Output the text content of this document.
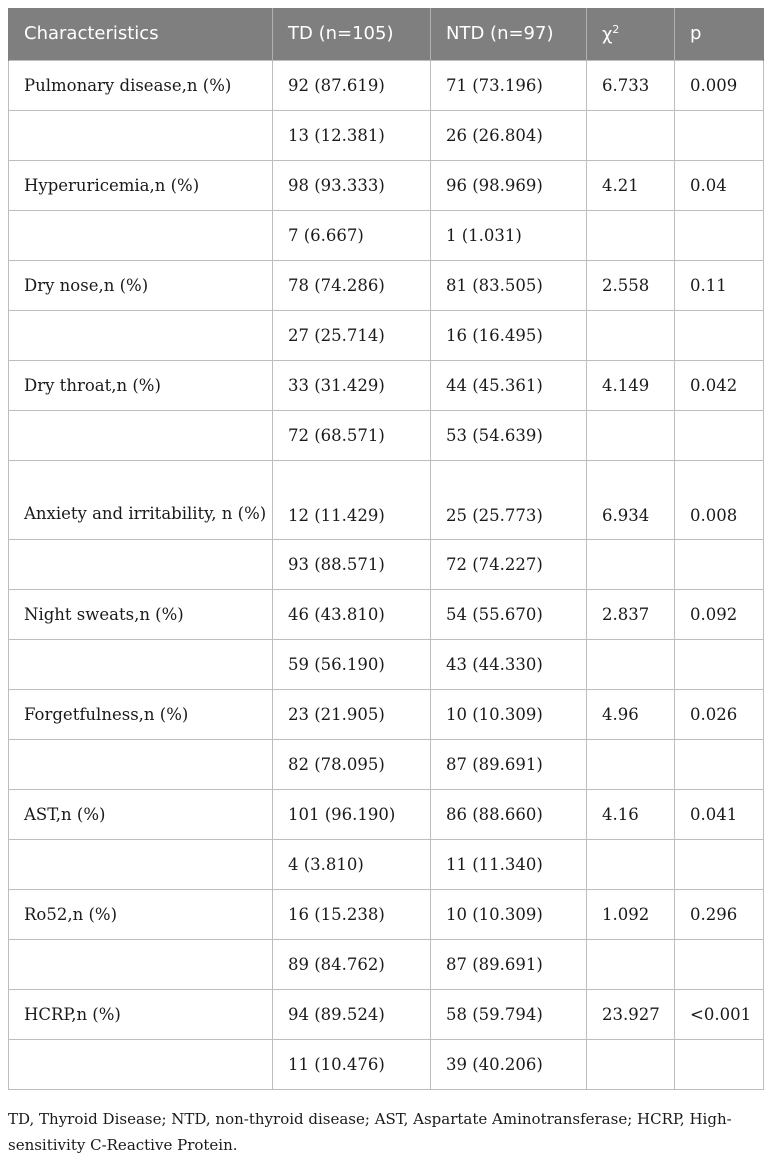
Characteristics	TD (n=105)	NTD (n=97)	$\chi^2$	p
Pulmonary disease,n (%)	92 (87.619)	71 (73.196)	6.733	0.009
	13 (12.381)	26 (26.804)		
Hyperuricemia,n (%)	98 (93.333)	96 (98.969)	4.21	0.04
	7 (6.667)	1 (1.031)		
Dry nose,n (%)	78 (74.286)	81 (83.505)	2.558	0.11
	27 (25.714)	16 (16.495)		
Dry throat,n (%)	33 (31.429)	44 (45.361)	4.149	0.042
	72 (68.571)	53 (54.639)		
Anxiety and irritability, n (%)	12 (11.429)	25 (25.773)	6.934	0.008
	93 (88.571)	72 (74.227)		
Night sweats,n (%)	46 (43.810)	54 (55.670)	2.837	0.092
	59 (56.190)	43 (44.330)		
Forgetfulness,n (%)	23 (21.905)	10 (10.309)	4.96	0.026
	82 (78.095)	87 (89.691)		
AST,n (%)	101 (96.190)	86 (88.660)	4.16	0.041
	4 (3.810)	11 (11.340)		
Ro52,n (%)	16 (15.238)	10 (10.309)	1.092	0.296
	89 (84.762)	87 (89.691)		
HCRP,n (%)	94 (89.524)	58 (59.794)	23.927	<0.001
	11 (10.476)	39 (40.206)		

TD, Thyroid Disease; NTD, non-thyroid disease; AST, Aspartate Aminotransferase; HCRP, High-sensitivity C-Reactive Protein.
